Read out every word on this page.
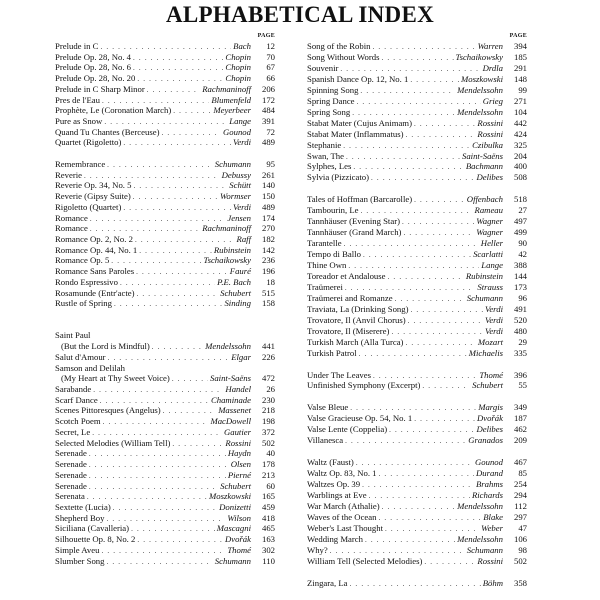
ALPHABETICAL INDEX
PAGE
Prelude in C . . .	Bach	12
Prelude Op. 28, No. 4 . . .	Chopin	70
Prelude Op. 28, No. 6 . . .	Chopin	67
Prelude Op. 28, No. 20 . . .	Chopin	66
Prelude in C Sharp Minor . . .	Rachmaninoff	206
Pres de l'Eau . . .	Blumenfeld	172
Prophète, Le (Coronation March) . . .	Meyerbeer	484
Pure as Snow . . .	Lange	391
Quand Tu Chantes (Berceuse) . . .	Gounod	72
Quartet (Rigoletto) . . .	Verdi	489
Remembrance . . .	Schumann	95
Reverie . . .	Debussy	261
Reverie Op. 34, No. 5 . . .	Schütt	140
Reverie (Gipsy Suite) . . .	Wormser	150
Rigoletto (Quartet) . . .	Verdi	489
Romance . . .	Jensen	174
Romance . . .	Rachmaninoff	270
Romance Op. 2, No. 2 . . .	Raff	182
Romance Op. 44, No. 1 . . .	Rubinstein	142
Romance Op. 5 . . .	Tschaikowsky	236
Romance Sans Paroles . . .	Fauré	196
Rondo Espressivo . . .	P.E. Bach	18
Rosamunde (Entr'acte) . . .	Schubert	515
Rustle of Spring . . .	Sinding	158
Saint Paul
(But the Lord is Mindful) . . .	Mendelssohn	441
Salut d'Amour . . .	Elgar	226
Samson and Delilah
(My Heart at Thy Sweet Voice) . . .	Saint-Saëns	472
Sarabande . . .	Handel	26
Scarf Dance . . .	Chaminade	230
Scenes Pittoresques (Angelus) . . .	Massenet	218
Scotch Poem . . .	MacDowell	198
Secret, Le . . .	Gautier	372
Selected Melodies (William Tell) . . .	Rossini	502
Serenade . . .	Haydn	40
Serenade . . .	Olsen	178
Serenade . . .	Pierné	213
Serenade . . .	Schubert	60
Serenata . . .	Moszkowski	165
Sextette (Lucia) . . .	Donizetti	459
Shepherd Boy . . .	Wilson	418
Siciliana (Cavalleria) . . .	Mascagni	465
Silhouette Op. 8, No. 2 . . .	Dvořák	163
Simple Aveu . . .	Thomé	302
Slumber Song . . .	Schumann	110
PAGE
Song of the Robin . . .	Warren	394
Song Without Words . . .	Tschaikowsky	185
Souvenir . . .	Drdla	291
Spanish Dance Op. 12, No. 1 . . .	Moszkowski	148
Spinning Song . . .	Mendelssohn	99
Spring Dance . . .	Grieg	271
Spring Song . . .	Mendelssohn	104
Stabat Mater (Cujus Animam) . . .	Rossini	442
Stabat Mater (Inflammatus) . . .	Rossini	424
Stephanie . . .	Czibulka	325
Swan, The . . .	Saint-Saëns	204
Sylphes, Les . . .	Bachmann	400
Sylvia (Pizzicato) . . .	Delibes	508
Tales of Hoffman (Barcarolle) . . .	Offenbach	518
Tambourin, Le . . .	Rameau	27
Tannhäuser (Evening Star) . . .	Wagner	497
Tannhäuser (Grand March) . . .	Wagner	499
Tarantelle . . .	Heller	90
Tempo di Ballo . . .	Scarlatti	42
Thine Own . . .	Lange	388
Toreador et Andalouse . . .	Rubinstein	144
Traümerei . . .	Strauss	173
Traümerei and Romanze . . .	Schumann	96
Traviata, La (Drinking Song) . . .	Verdi	491
Trovatore, Il (Anvil Chorus) . . .	Verdi	520
Trovatore, Il (Miserere) . . .	Verdi	480
Turkish March (Alla Turca) . . .	Mozart	29
Turkish Patrol . . .	Michaelis	335
Under The Leaves . . .	Thomé	396
Unfinished Symphony (Excerpt) . . .	Schubert	55
Valse Bleue . . .	Margis	349
Valse Gracieuse Op. 54, No. 1 . . .	Dvořák	187
Valse Lente (Coppelia) . . .	Delibes	462
Villanesca . . .	Granados	209
Waltz (Faust) . . .	Gounod	467
Waltz Op. 83, No. 1 . . .	Durand	85
Waltzes Op. 39 . . .	Brahms	254
Warblings at Eve . . .	Richards	294
War March (Athalie) . . .	Mendelssohn	112
Waves of the Ocean . . .	Blake	297
Weber's Last Thought . . .	Weber	47
Wedding March . . .	Mendelssohn	106
Why? . . .	Schumann	98
William Tell (Selected Melodies) . . .	Rossini	502
Zingara, La . . .	Böhm	358
